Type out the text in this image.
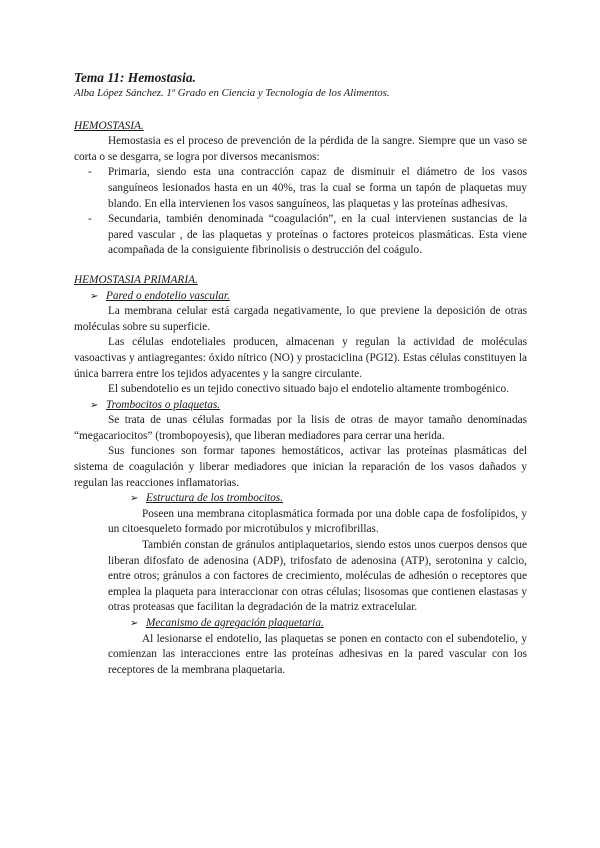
Tema 11: Hemostasia.

Alba López Sánchez. 1º Grado en Ciencia y Tecnología de los Alimentos.

HEMOSTASIA.

Hemostasia es el proceso de prevención de la pérdida de la sangre. Siempre que un vaso se corta o se desgarra, se logra por diversos mecanismos:

- Primaria, siendo esta una contracción capaz de disminuir el diámetro de los vasos sanguíneos lesionados hasta en un 40%, tras la cual se forma un tapón de plaquetas muy blando. En ella intervienen los vasos sanguíneos, las plaquetas y las proteínas adhesivas.
- Secundaria, también denominada “coagulación”, en la cual intervienen sustancias de la pared vascular , de las plaquetas y proteínas o factores proteicos plasmáticas. Esta viene acompañada de la consiguiente fibrinolisis o destrucción del coágulo.

HEMOSTASIA PRIMARIA.

➢ Pared o endotelio vascular.

La membrana celular está cargada negativamente, lo que previene la deposición de otras moléculas sobre su superficie.

Las células endoteliales producen, almacenan y regulan la actividad de moléculas vasoactivas y antiagregantes: óxido nítrico (NO) y prostaciclina (PGI2). Estas células constituyen la única barrera entre los tejidos adyacentes y la sangre circulante.

El subendotelio es un tejido conectivo situado bajo el endotelio altamente trombogénico.

➢ Trombocitos o plaquetas.

Se trata de unas células formadas por la lisis de otras de mayor tamaño denominadas “megacariocitos” (trombopoyesis), que liberan mediadores para cerrar una herida.

Sus funciones son formar tapones hemostáticos, activar las proteínas plasmáticas del sistema de coagulación y liberar mediadores que inician la reparación de los vasos dañados y regulan las reacciones inflamatorias.

➢ Estructura de los trombocitos.

Poseen una membrana citoplasmática formada por una doble capa de fosfolípidos, y un citoesqueleto formado por microtúbulos y microfibrillas.

También constan de gránulos antiplaquetarios, siendo estos unos cuerpos densos que liberan difosfato de adenosina (ADP), trifosfato de adenosina (ATP), serotonina y calcio, entre otros; gránulos a con factores de crecimiento, moléculas de adhesión o receptores que emplea la plaqueta para interaccionar con otras células; lisosomas que contienen elastasas y otras proteasas que facilitan la degradación de la matriz extracelular.

➢ Mecanismo de agregación plaquetaria.

Al lesionarse el endotelio, las plaquetas se ponen en contacto con el subendotelio, y comienzan las interacciones entre las proteínas adhesivas en la pared vascular con los receptores de la membrana plaquetaria.
